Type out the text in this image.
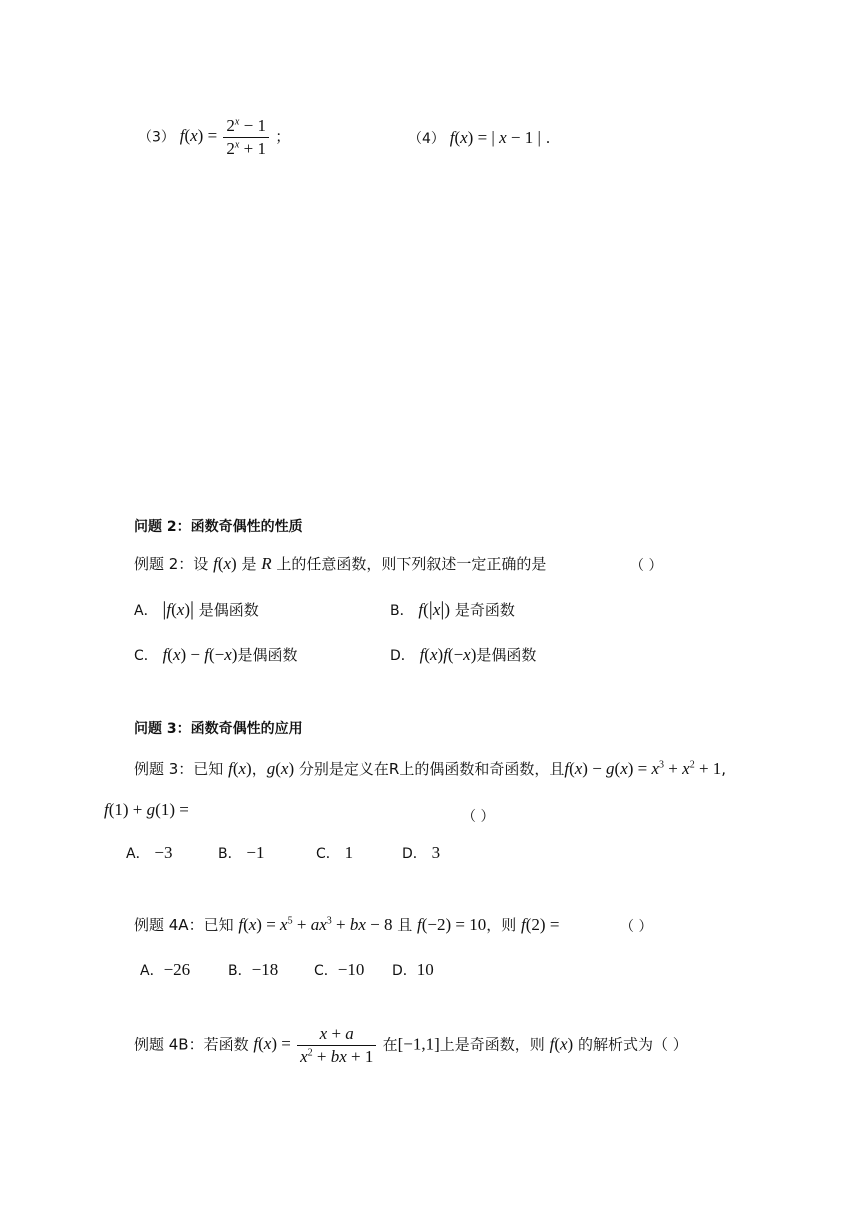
（3） $f(x) = \frac{2^x - 1}{2^x + 1}$ ；	（4） f(x) = | x − 1 | .
问题 2：函数奇偶性的性质
例题 2：设 f(x) 是 R 上的任意函数，则下列叙述一定正确的是	（ ）
A． |f(x)| 是偶函数	B． f(|x|) 是奇函数
C． f(x) − f(−x)是偶函数	D． f(x)f(−x)是偶函数
问题 3：函数奇偶性的应用
例题 3：已知 f(x)，g(x) 分别是定义在R上的偶函数和奇函数，且$f(x) - g(x) = x^3 + x^2 + 1$,
f(1) + g(1) =	（ ）
A． −3	B． −1	C． 1	D． 3
例题 4A：已知 $f(x) = x^5 + ax^3$ + bx − 8 且 f(−2) = 10，则 f(2) =	（ ）
A．−26	B．−18	C．−10 D．10
例题 4B：若函数 $f(x) = \frac{x + a}{x^2 + bx + 1}$ 在[−1,1]上是奇函数，则 f(x) 的解析式为（ ）
